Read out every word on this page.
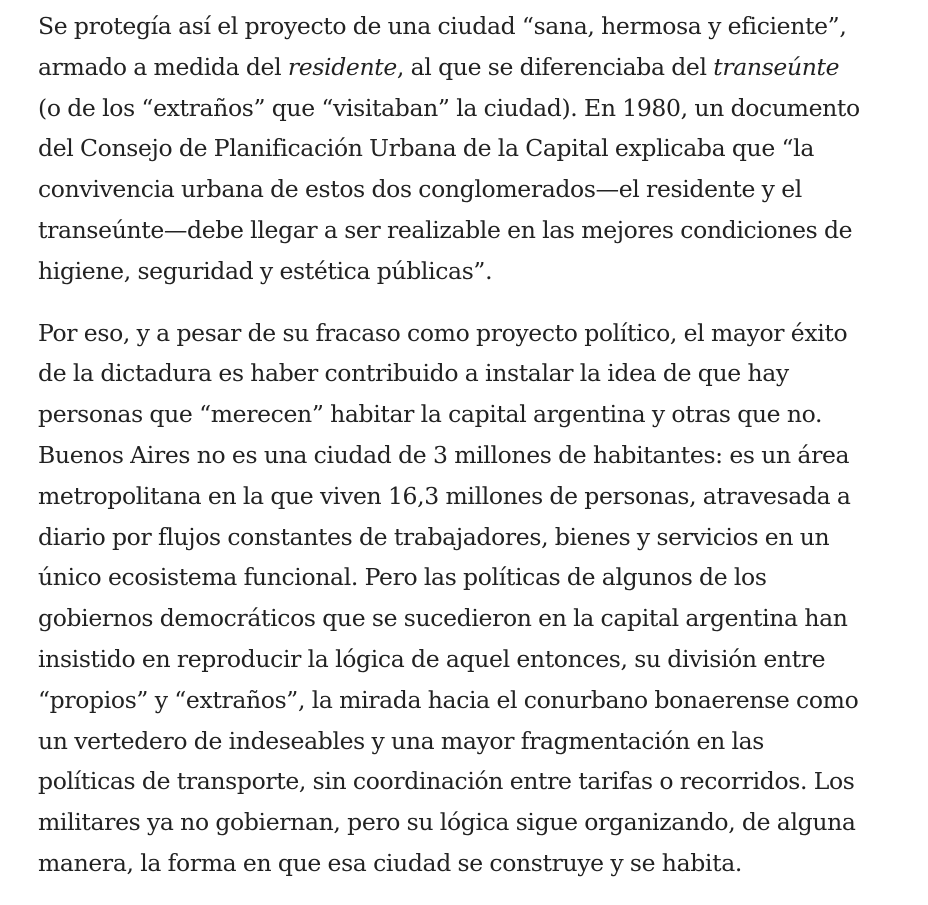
Se protegía así el proyecto de una ciudad “sana, hermosa y eficiente”,
armado a medida del residente, al que se diferenciaba del transeúnte
(o de los “extraños” que “visitaban” la ciudad). En 1980, un documento
del Consejo de Planificación Urbana de la Capital explicaba que “la
convivencia urbana de estos dos conglomerados—el residente y el
transeúnte—debe llegar a ser realizable en las mejores condiciones de
higiene, seguridad y estética públicas”.

Por eso, y a pesar de su fracaso como proyecto político, el mayor éxito
de la dictadura es haber contribuido a instalar la idea de que hay
personas que “merecen” habitar la capital argentina y otras que no.
Buenos Aires no es una ciudad de 3 millones de habitantes: es un área
metropolitana en la que viven 16,3 millones de personas, atravesada a
diario por flujos constantes de trabajadores, bienes y servicios en un
único ecosistema funcional. Pero las políticas de algunos de los
gobiernos democráticos que se sucedieron en la capital argentina han
insistido en reproducir la lógica de aquel entonces, su división entre
“propios” y “extraños”, la mirada hacia el conurbano bonaerense como
un vertedero de indeseables y una mayor fragmentación en las
políticas de transporte, sin coordinación entre tarifas o recorridos. Los
militares ya no gobiernan, pero su lógica sigue organizando, de alguna
manera, la forma en que esa ciudad se construye y se habita.
